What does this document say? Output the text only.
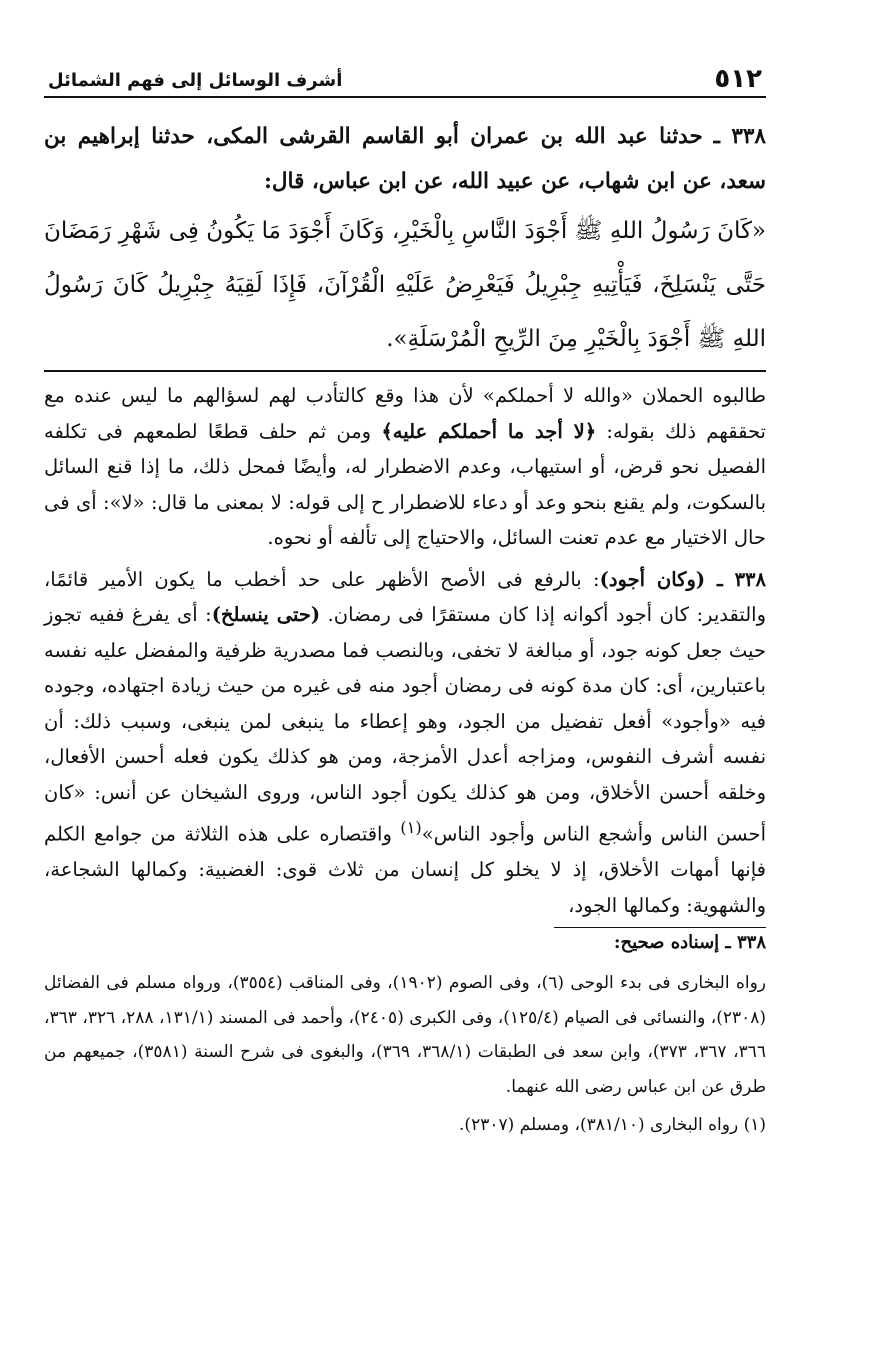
٥١٢
أشرف الوسائل إلى فهم الشمائل
٣٣٨ ـ حدثنا عبد الله بن عمران أبو القاسم القرشى المكى، حدثنا إبراهيم بن سعد، عن ابن شهاب، عن عبيد الله، عن ابن عباس، قال:
«كَانَ رَسُولُ اللهِ ﷺ أَجْوَدَ النَّاسِ بِالْخَيْرِ، وَكَانَ أَجْوَدَ مَا يَكُونُ فِى شَهْرِ رَمَضَانَ حَتَّى يَنْسَلِخَ، فَيَأْتِيهِ جِبْرِيلُ فَيَعْرِضُ عَلَيْهِ الْقُرْآنَ، فَإِذَا لَقِيَهُ جِبْرِيلُ كَانَ رَسُولُ اللهِ ﷺ أَجْوَدَ بِالْخَيْرِ مِنَ الرِّيحِ الْمُرْسَلَةِ».

طالبوه الحملان «والله لا أحملكم» لأن هذا وقع كالتأدب لهم لسؤالهم ما ليس عنده مع تحققهم ذلك بقوله: ﴿لا أجد ما أحملكم عليه﴾ ومن ثم حلف قطعًا لطمعهم فى تكلفه الفصيل نحو قرض، أو استيهاب، وعدم الاضطرار له، وأيضًا فمحل ذلك، ما إذا قنع السائل بالسكوت، ولم يقنع بنحو وعد أو دعاء للاضطرار ح إلى قوله: لا بمعنى ما قال: «لا»: أى فى حال الاختيار مع عدم تعنت السائل، والاحتياج إلى تألفه أو نحوه.

٣٣٨ ـ (وكان أجود): بالرفع فى الأصح الأظهر على حد أخطب ما يكون الأمير قائمًا، والتقدير: كان أجود أكوانه إذا كان مستقرًا فى رمضان. (حتى ينسلخ): أى يفرغ ففيه تجوز حيث جعل كونه جود، أو مبالغة لا تخفى، وبالنصب فما مصدرية ظرفية والمفضل عليه نفسه باعتبارين، أى: كان مدة كونه فى رمضان أجود منه فى غيره من حيث زيادة اجتهاده، وجوده فيه «وأجود» أفعل تفضيل من الجود، وهو إعطاء ما ينبغى لمن ينبغى، وسبب ذلك: أن نفسه أشرف النفوس، ومزاجه أعدل الأمزجة، ومن هو كذلك يكون فعله أحسن الأفعال، وخلقه أحسن الأخلاق، ومن هو كذلك يكون أجود الناس، وروى الشيخان عن أنس: «كان أحسن الناس وأشجع الناس وأجود الناس»$^{(١)}$ واقتصاره على هذه الثلاثة من جوامع الكلم فإنها أمهات الأخلاق، إذ لا يخلو كل إنسان من ثلاث قوى: الغضبية: وكمالها الشجاعة، والشهوية: وكمالها الجود،

٣٣٨ ـ إسناده صحيح:

رواه البخارى فى بدء الوحى (٦)، وفى الصوم (١٩٠٢)، وفى المناقب (٣٥٥٤)، ورواه مسلم فى الفضائل (٢٣٠٨)، والنسائى فى الصيام (١٢٥/٤)، وفى الكبرى (٢٤٠٥)، وأحمد فى المسند (١٣١/١، ٢٨٨، ٣٢٦، ٣٦٣، ٣٦٦، ٣٦٧، ٣٧٣)، وابن سعد فى الطبقات (٣٦٨/١، ٣٦٩)، والبغوى فى شرح السنة (٣٥٨١)، جميعهم من طرق عن ابن عباس رضى الله عنهما.

(١) رواه البخارى (٣٨١/١٠)، ومسلم (٢٣٠٧).
